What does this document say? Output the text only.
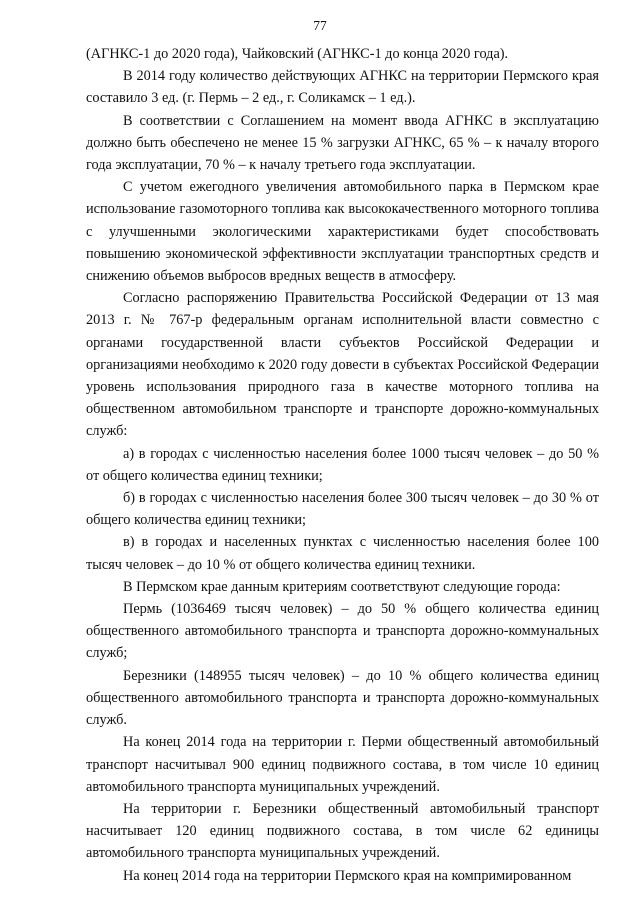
77

(АГНКС-1 до 2020 года), Чайковский (АГНКС-1 до конца 2020 года).

В 2014 году количество действующих АГНКС на территории Пермского края составило 3 ед. (г. Пермь – 2 ед., г. Соликамск – 1 ед.).

В соответствии с Соглашением на момент ввода АГНКС в эксплуатацию должно быть обеспечено не менее 15 % загрузки АГНКС, 65 % – к началу второго года эксплуатации, 70 % – к началу третьего года эксплуатации.

С учетом ежегодного увеличения автомобильного парка в Пермском крае использование газомоторного топлива как высококачественного моторного топлива с улучшенными экологическими характеристиками будет способствовать повышению экономической эффективности эксплуатации транспортных средств и снижению объемов выбросов вредных веществ в атмосферу.

Согласно распоряжению Правительства Российской Федерации от 13 мая 2013 г. № 767-р федеральным органам исполнительной власти совместно с органами государственной власти субъектов Российской Федерации и организациями необходимо к 2020 году довести в субъектах Российской Федерации уровень использования природного газа в качестве моторного топлива на общественном автомобильном транспорте и транспорте дорожно-коммунальных служб:

а) в городах с численностью населения более 1000 тысяч человек – до 50 % от общего количества единиц техники;

б) в городах с численностью населения более 300 тысяч человек – до 30 % от общего количества единиц техники;

в) в городах и населенных пунктах с численностью населения более 100 тысяч человек – до 10 % от общего количества единиц техники.

В Пермском крае данным критериям соответствуют следующие города:

Пермь (1036469 тысяч человек) – до 50 % общего количества единиц общественного автомобильного транспорта и транспорта дорожно-коммунальных служб;

Березники (148955 тысяч человек) – до 10 % общего количества единиц общественного автомобильного транспорта и транспорта дорожно-коммунальных служб.

На конец 2014 года на территории г. Перми общественный автомобильный транспорт насчитывал 900 единиц подвижного состава, в том числе 10 единиц автомобильного транспорта муниципальных учреждений.

На территории г. Березники общественный автомобильный транспорт насчитывает 120 единиц подвижного состава, в том числе 62 единицы автомобильного транспорта муниципальных учреждений.

На конец 2014 года на территории Пермского края на компримированном
